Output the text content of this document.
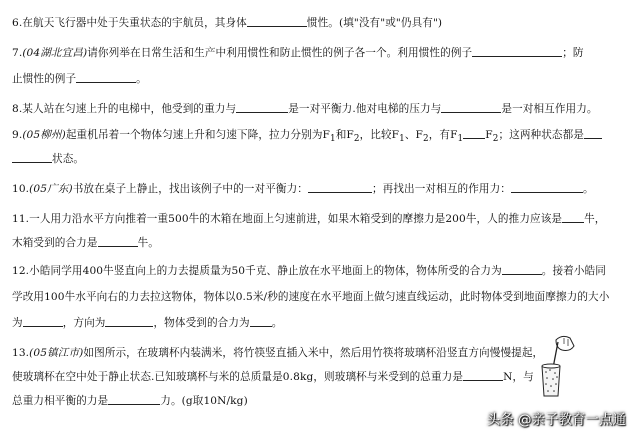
6.在航天飞行器中处于失重状态的宇航员，其身体	惯性。(填"没有"或"仍具有")
7.(04湖北宜昌)请你列举在日常生活和生产中利用惯性和防止惯性的例子各一个。利用惯性的例子	；防
止惯性的例子	。
8.某人站在匀速上升的电梯中，他受到的重力与	是一对平衡力.他对电梯的压力与	是一对相互作用力。
9.(05柳州)起重机吊着一个物体匀速上升和匀速下降，拉力分别为$F_1$和$F_2$，比较$F_1$、$F_2$，有$F_1$ $F_2$；这两种状态都是
状态。
10.(05广东)书放在桌子上静止，找出该例子中的一对平衡力：	；再找出一对相互的作用力：	。
11.一人用力沿水平方向推着一重500牛的木箱在地面上匀速前进，如果木箱受到的摩擦力是200牛，人的推力应该是 牛，
木箱受到的合力是	牛。
12.小皓同学用400牛竖直向上的力去提质量为50千克、静止放在水平地面上的物体，物体所受的合力为	。接着小皓同
学改用100牛水平向右的力去拉这物体，物体以0.5米/秒的速度在水平地面上做匀速直线运动，此时物体受到地面摩擦力的大小
为	，方向为	，物体受到的合力为 。
13.(05镇江市)如图所示，在玻璃杯内装满米，将竹筷竖直插入米中，然后用竹筷将玻璃杯沿竖直方向慢慢提起，
使玻璃杯在空中处于静止状态.已知玻璃杯与米的总质量是0.8kg，则玻璃杯与米受到的总重力是	N，与
总重力相平衡的力是	力。(g取10N/kg)
头条 @亲子教育一点通
